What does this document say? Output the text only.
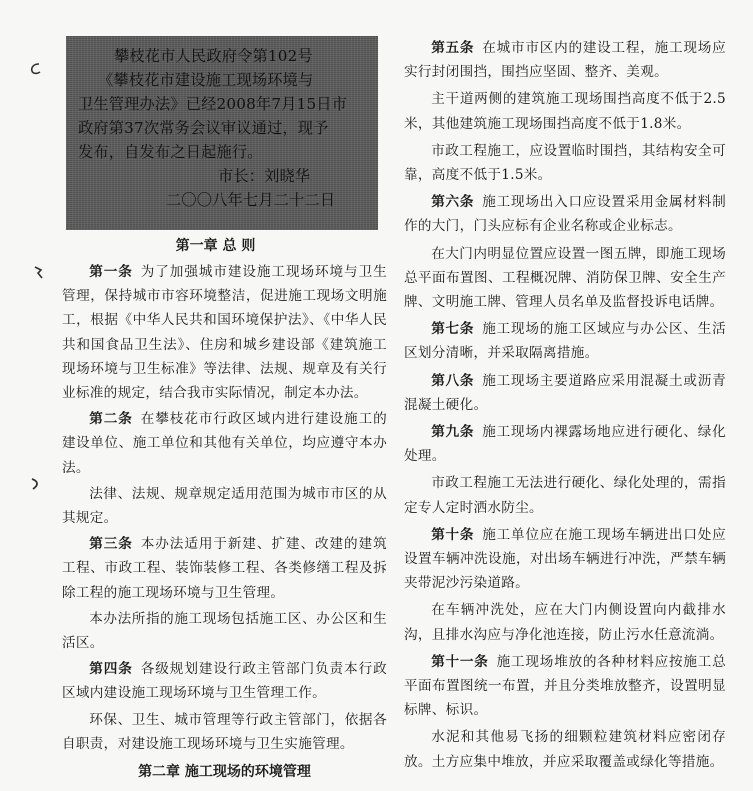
攀枝花市人民政府令第102号
《攀枝花市建设施工现场环境与
卫生管理办法》已经2008年7月15日市
政府第37次常务会议审议通过，现予
发布，自发布之日起施行。
市长：刘晓华
二〇〇八年七月二十二日
第一章 总 则

第一条 为了加强城市建设施工现场环境与卫生管理，保持城市市容环境整洁，促进施工现场文明施工，根据《中华人民共和国环境保护法》、《中华人民共和国食品卫生法》、住房和城乡建设部《建筑施工现场环境与卫生标准》等法律、法规、规章及有关行业标准的规定，结合我市实际情况，制定本办法。

第二条 在攀枝花市行政区域内进行建设施工的建设单位、施工单位和其他有关单位，均应遵守本办法。

法律、法规、规章规定适用范围为城市市区的从其规定。

第三条 本办法适用于新建、扩建、改建的建筑工程、市政工程、装饰装修工程、各类修缮工程及拆除工程的施工现场环境与卫生管理。

本办法所指的施工现场包括施工区、办公区和生活区。

第四条 各级规划建设行政主管部门负责本行政区域内建设施工现场环境与卫生管理工作。

环保、卫生、城市管理等行政主管部门，依据各自职责，对建设施工现场环境与卫生实施管理。

第二章 施工现场的环境管理

第五条 在城市市区内的建设工程，施工现场应实行封闭围挡，围挡应坚固、整齐、美观。

主干道两侧的建筑施工现场围挡高度不低于2.5米，其他建筑施工现场围挡高度不低于1.8米。

市政工程施工，应设置临时围挡，其结构安全可靠，高度不低于1.5米。

第六条 施工现场出入口应设置采用金属材料制作的大门，门头应标有企业名称或企业标志。

在大门内明显位置应设置一图五牌，即施工现场总平面布置图、工程概况牌、消防保卫牌、安全生产牌、文明施工牌、管理人员名单及监督投诉电话牌。

第七条 施工现场的施工区域应与办公区、生活区划分清晰，并采取隔离措施。

第八条 施工现场主要道路应采用混凝土或沥青混凝土硬化。

第九条 施工现场内裸露场地应进行硬化、绿化处理。

市政工程施工无法进行硬化、绿化处理的，需指定专人定时洒水防尘。

第十条 施工单位应在施工现场车辆进出口处应设置车辆冲洗设施，对出场车辆进行冲洗，严禁车辆夹带泥沙污染道路。

在车辆冲洗处，应在大门内侧设置向内截排水沟，且排水沟应与净化池连接，防止污水任意流淌。

第十一条 施工现场堆放的各种材料应按施工总平面布置图统一布置，并且分类堆放整齐，设置明显标牌、标识。

水泥和其他易飞扬的细颗粒建筑材料应密闭存放。土方应集中堆放，并应采取覆盖或绿化等措施。
